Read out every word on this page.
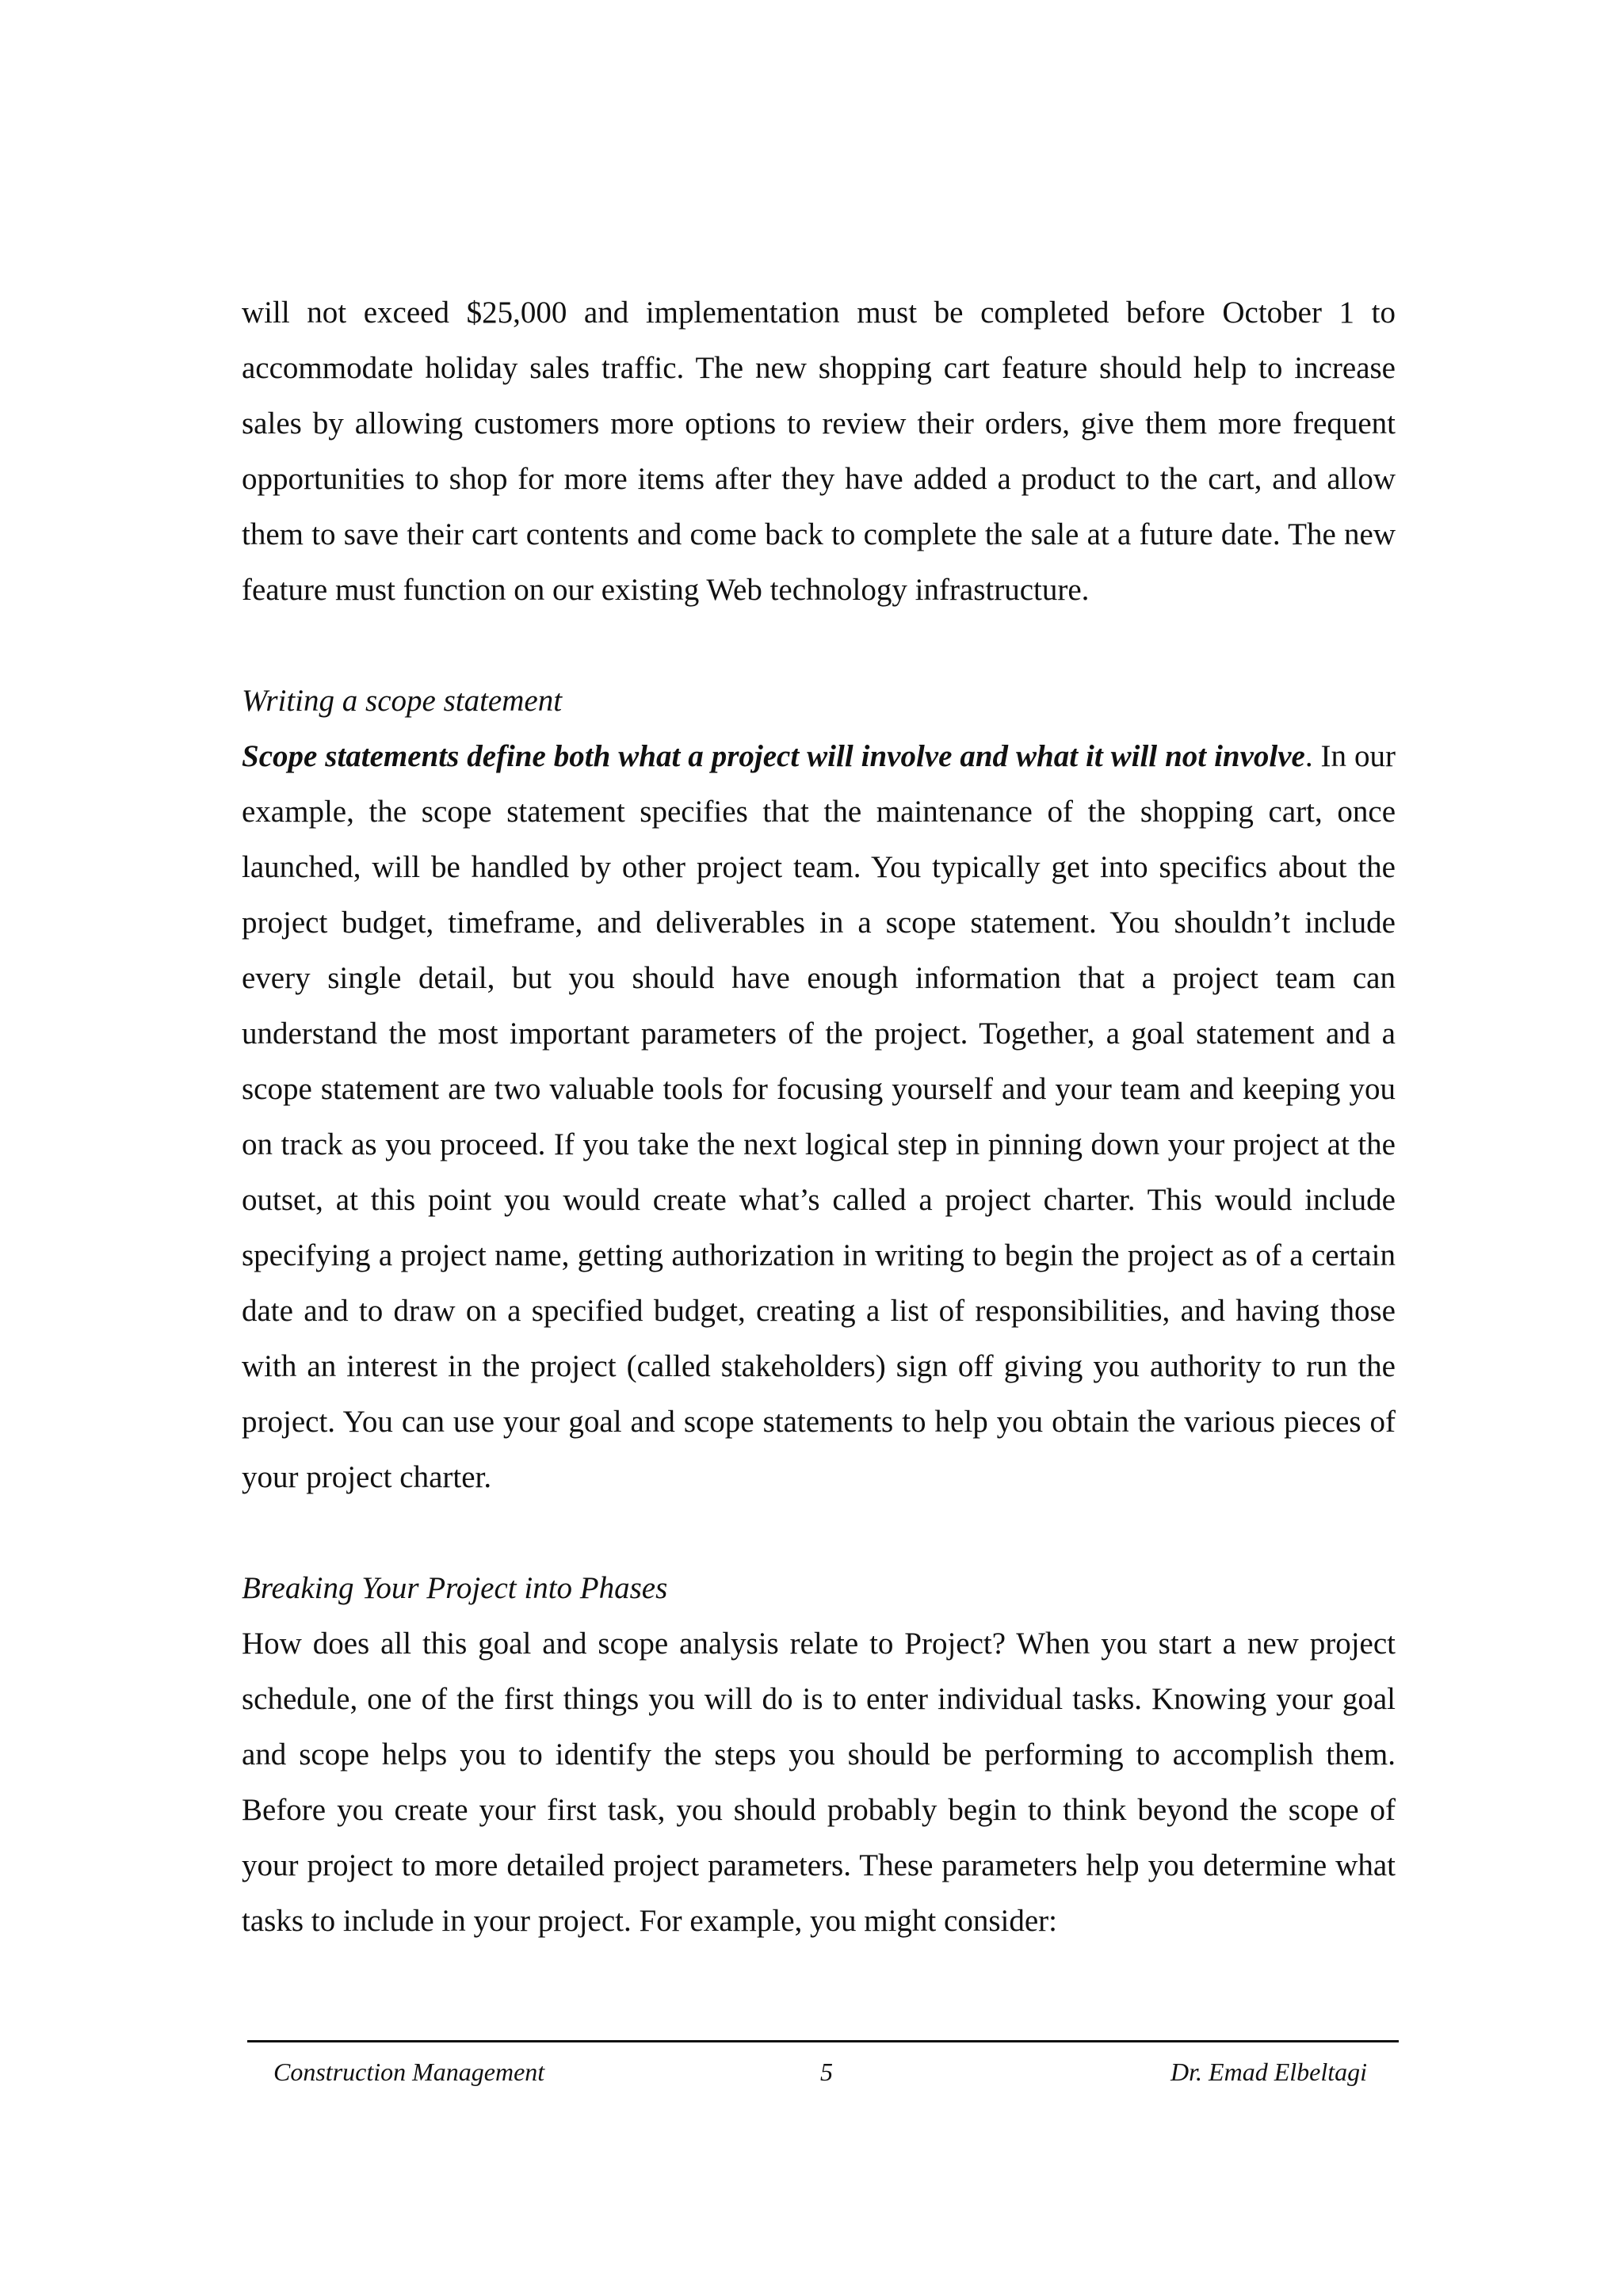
will not exceed $25,000 and implementation must be completed before October 1 to accommodate holiday sales traffic. The new shopping cart feature should help to increase sales by allowing customers more options to review their orders, give them more frequent opportunities to shop for more items after they have added a product to the cart, and allow them to save their cart contents and come back to complete the sale at a future date. The new feature must function on our existing Web technology infrastructure.

Writing a scope statement

Scope statements define both what a project will involve and what it will not involve. In our example, the scope statement specifies that the maintenance of the shopping cart, once launched, will be handled by other project team. You typically get into specifics about the project budget, timeframe, and deliverables in a scope statement. You shouldn’t include every single detail, but you should have enough information that a project team can understand the most important parameters of the project. Together, a goal statement and a scope statement are two valuable tools for focusing yourself and your team and keeping you on track as you proceed. If you take the next logical step in pinning down your project at the outset, at this point you would create what’s called a project charter. This would include specifying a project name, getting authorization in writing to begin the project as of a certain date and to draw on a specified budget, creating a list of responsibilities, and having those with an interest in the project (called stakeholders) sign off giving you authority to run the project. You can use your goal and scope statements to help you obtain the various pieces of your project charter.

Breaking Your Project into Phases

How does all this goal and scope analysis relate to Project? When you start a new project schedule, one of the first things you will do is to enter individual tasks. Knowing your goal and scope helps you to identify the steps you should be performing to accomplish them. Before you create your first task, you should probably begin to think beyond the scope of your project to more detailed project parameters. These parameters help you determine what tasks to include in your project. For example, you might consider:

Construction Management	5	Dr. Emad Elbeltagi
